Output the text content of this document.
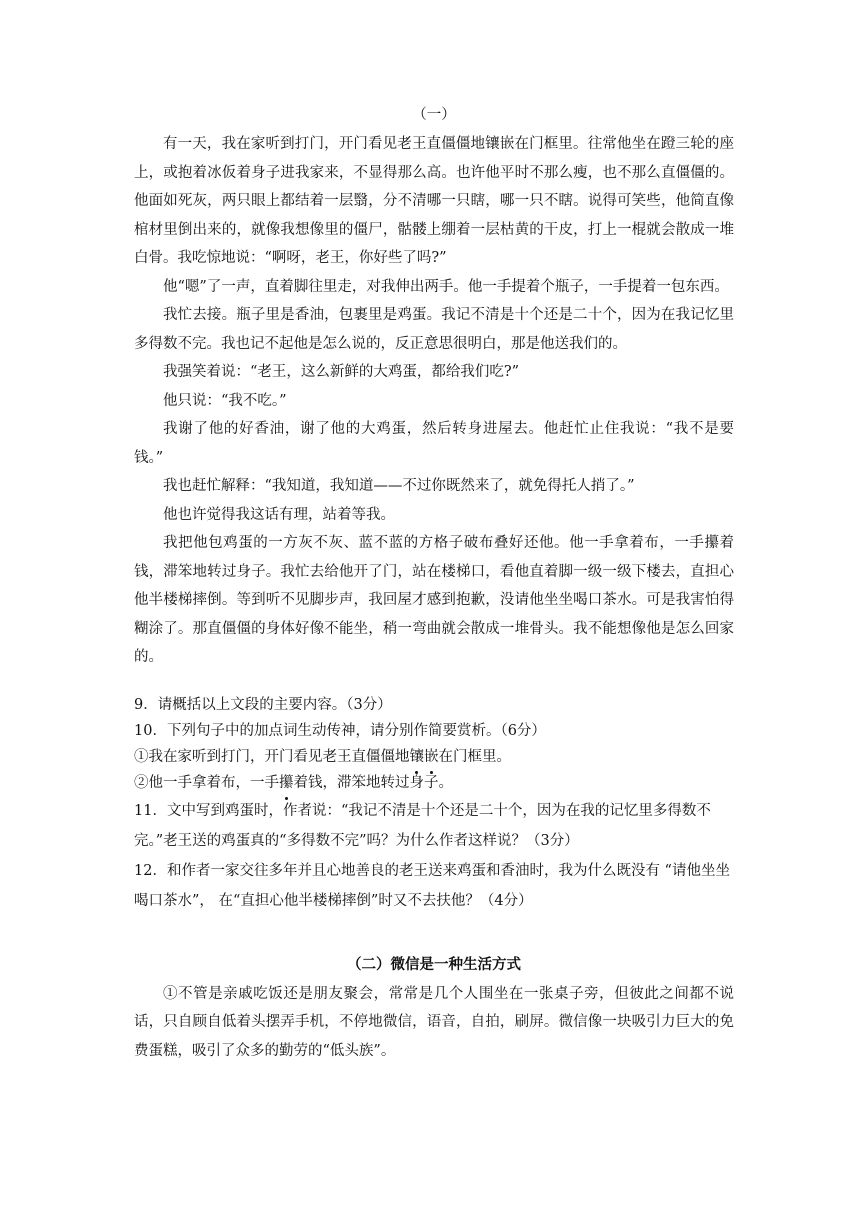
（一）

有一天，我在家听到打门，开门看见老王直僵僵地镶嵌在门框里。往常他坐在蹬三轮的座上，或抱着冰仮着身子进我家来，不显得那么高。也许他平时不那么瘦，也不那么直僵僵的。他面如死灰，两只眼上都结着一层翳，分不清哪一只瞎，哪一只不瞎。说得可笑些，他简直像棺材里倒出来的，就像我想像里的僵尸，骷髅上绷着一层枯黄的干皮，打上一棍就会散成一堆白骨。我吃惊地说：“啊呀，老王，你好些了吗?”

他“嗯”了一声，直着脚往里走，对我伸出两手。他一手提着个瓶子，一手提着一包东西。

我忙去接。瓶子里是香油，包裹里是鸡蛋。我记不清是十个还是二十个，因为在我记忆里多得数不完。我也记不起他是怎么说的，反正意思很明白，那是他送我们的。

我强笑着说：“老王，这么新鲜的大鸡蛋，都给我们吃?”

他只说：“我不吃。”

我谢了他的好香油，谢了他的大鸡蛋，然后转身进屋去。他赶忙止住我说：“我不是要钱。”

我也赶忙解释：“我知道，我知道——不过你既然来了，就免得托人捎了。”

他也许觉得我这话有理，站着等我。

我把他包鸡蛋的一方灰不灰、蓝不蓝的方格子破布叠好还他。他一手拿着布，一手攥着钱，滞笨地转过身子。我忙去给他开了门，站在楼梯口，看他直着脚一级一级下楼去，直担心他半楼梯摔倒。等到听不见脚步声，我回屋才感到抱歉，没请他坐坐喝口茶水。可是我害怕得糊涂了。那直僵僵的身体好像不能坐，稍一弯曲就会散成一堆骨头。我不能想像他是怎么回家的。

9．请概括以上文段的主要内容。（3分）

10．下列句子中的加点词生动传神，请分别作简要赏析。（6分）

①我在家听到打门，开门看见老王直僵僵地镶嵌在门框里。

②他一手拿着布，一手攥着钱，滞笨地转过身子。

11．文中写到鸡蛋时，作者说：“我记不清是十个还是二十个，因为在我的记忆里多得数不完。”老王送的鸡蛋真的“多得数不完”吗？为什么作者这样说？（3分）

12．和作者一家交往多年并且心地善良的老王送来鸡蛋和香油时，我为什么既没有 “请他坐坐喝口茶水”， 在“直担心他半楼梯摔倒”时又不去扶他？（4分）

（二）微信是一种生活方式

①不管是亲戚吃饭还是朋友聚会，常常是几个人围坐在一张桌子旁，但彼此之间都不说话，只自顾自低着头摆弄手机，不停地微信，语音，自拍，刷屏。微信像一块吸引力巨大的免费蛋糕，吸引了众多的勤劳的“低头族”。
